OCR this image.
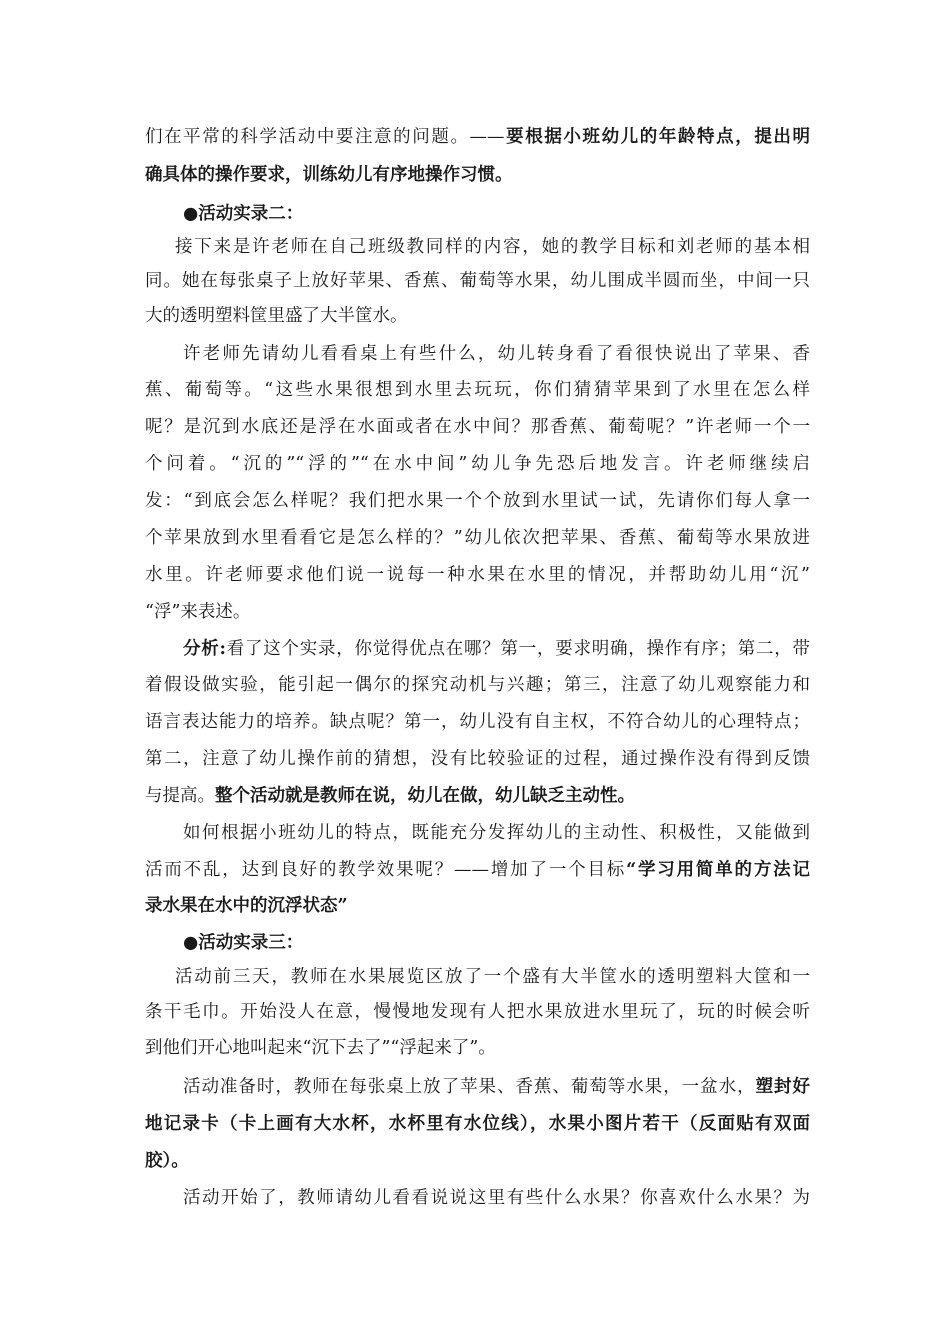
们在平常的科学活动中要注意的问题。——要根据小班幼儿的年龄特点，提出明
确具体的操作要求，训练幼儿有序地操作习惯。
●活动实录二：
接下来是许老师在自己班级教同样的内容，她的教学目标和刘老师的基本相
同。她在每张桌子上放好苹果、香蕉、葡萄等水果，幼儿围成半圆而坐，中间一只
大的透明塑料筐里盛了大半筐水。
许老师先请幼儿看看桌上有些什么，幼儿转身看了看很快说出了苹果、香
蕉、葡萄等。“这些水果很想到水里去玩玩，你们猜猜苹果到了水里在怎么样
呢？是沉到水底还是浮在水面或者在水中间？那香蕉、葡萄呢？”许老师一个一
个问着。“沉的”“浮的”“在水中间”幼儿争先恐后地发言。许老师继续启
发：“到底会怎么样呢？我们把水果一个个放到水里试一试，先请你们每人拿一
个苹果放到水里看看它是怎么样的？”幼儿依次把苹果、香蕉、葡萄等水果放进
水里。许老师要求他们说一说每一种水果在水里的情况，并帮助幼儿用“沉”
“浮”来表述。
分析:看了这个实录，你觉得优点在哪？第一，要求明确，操作有序；第二，带
着假设做实验，能引起一偶尔的探究动机与兴趣；第三，注意了幼儿观察能力和
语言表达能力的培养。缺点呢？第一，幼儿没有自主权，不符合幼儿的心理特点；
第二，注意了幼儿操作前的猜想，没有比较验证的过程，通过操作没有得到反馈
与提高。整个活动就是教师在说，幼儿在做，幼儿缺乏主动性。
如何根据小班幼儿的特点，既能充分发挥幼儿的主动性、积极性，又能做到
活而不乱，达到良好的教学效果呢？——增加了一个目标“学习用简单的方法记
录水果在水中的沉浮状态”
●活动实录三：
活动前三天，教师在水果展览区放了一个盛有大半筐水的透明塑料大筐和一
条干毛巾。开始没人在意，慢慢地发现有人把水果放进水里玩了，玩的时候会听
到他们开心地叫起来“沉下去了”“浮起来了”。
活动准备时，教师在每张桌上放了苹果、香蕉、葡萄等水果，一盆水，塑封好
地记录卡（卡上画有大水杯，水杯里有水位线），水果小图片若干（反面贴有双面
胶）。
活动开始了，教师请幼儿看看说说这里有些什么水果？你喜欢什么水果？为
